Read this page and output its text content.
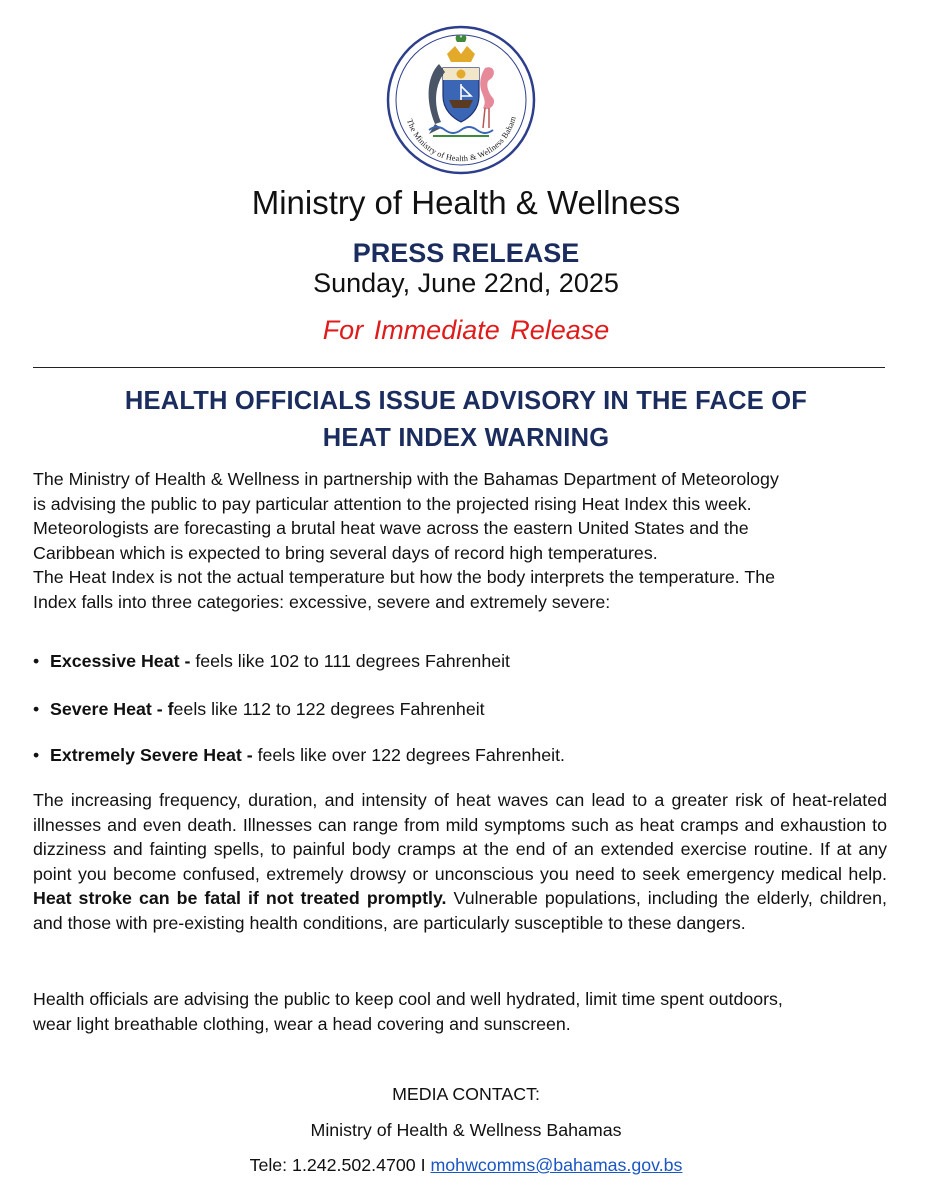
The Ministry of Health & Wellness Baham
Ministry of Health & Wellness
PRESS RELEASE
Sunday, June 22nd, 2025
For Immediate Release
HEALTH OFFICIALS ISSUE ADVISORY IN THE FACE OF
HEAT INDEX WARNING
The Ministry of Health & Wellness in partnership with the Bahamas Department of Meteorology
is advising the public to pay particular attention to the projected rising Heat Index this week.
Meteorologists are forecasting a brutal heat wave across the eastern United States and the
Caribbean which is expected to bring several days of record high temperatures.
The Heat Index is not the actual temperature but how the body interprets the temperature. The
Index falls into three categories: excessive, severe and extremely severe:
• Excessive Heat - feels like 102 to 111 degrees Fahrenheit
• Severe Heat - feels like 112 to 122 degrees Fahrenheit
• Extremely Severe Heat - feels like over 122 degrees Fahrenheit.
The increasing frequency, duration, and intensity of heat waves can lead to a greater risk of heat-related illnesses and even death. Illnesses can range from mild symptoms such as heat cramps and exhaustion to dizziness and fainting spells, to painful body cramps at the end of an extended exercise routine. If at any point you become confused, extremely drowsy or unconscious you need to seek emergency medical help. Heat stroke can be fatal if not treated promptly. Vulnerable populations, including the elderly, children, and those with pre-existing health conditions, are particularly susceptible to these dangers.
Health officials are advising the public to keep cool and well hydrated, limit time spent outdoors,
wear light breathable clothing, wear a head covering and sunscreen.
MEDIA CONTACT:
Ministry of Health & Wellness Bahamas
Tele: 1.242.502.4700 I mohwcomms@bahamas.gov.bs
